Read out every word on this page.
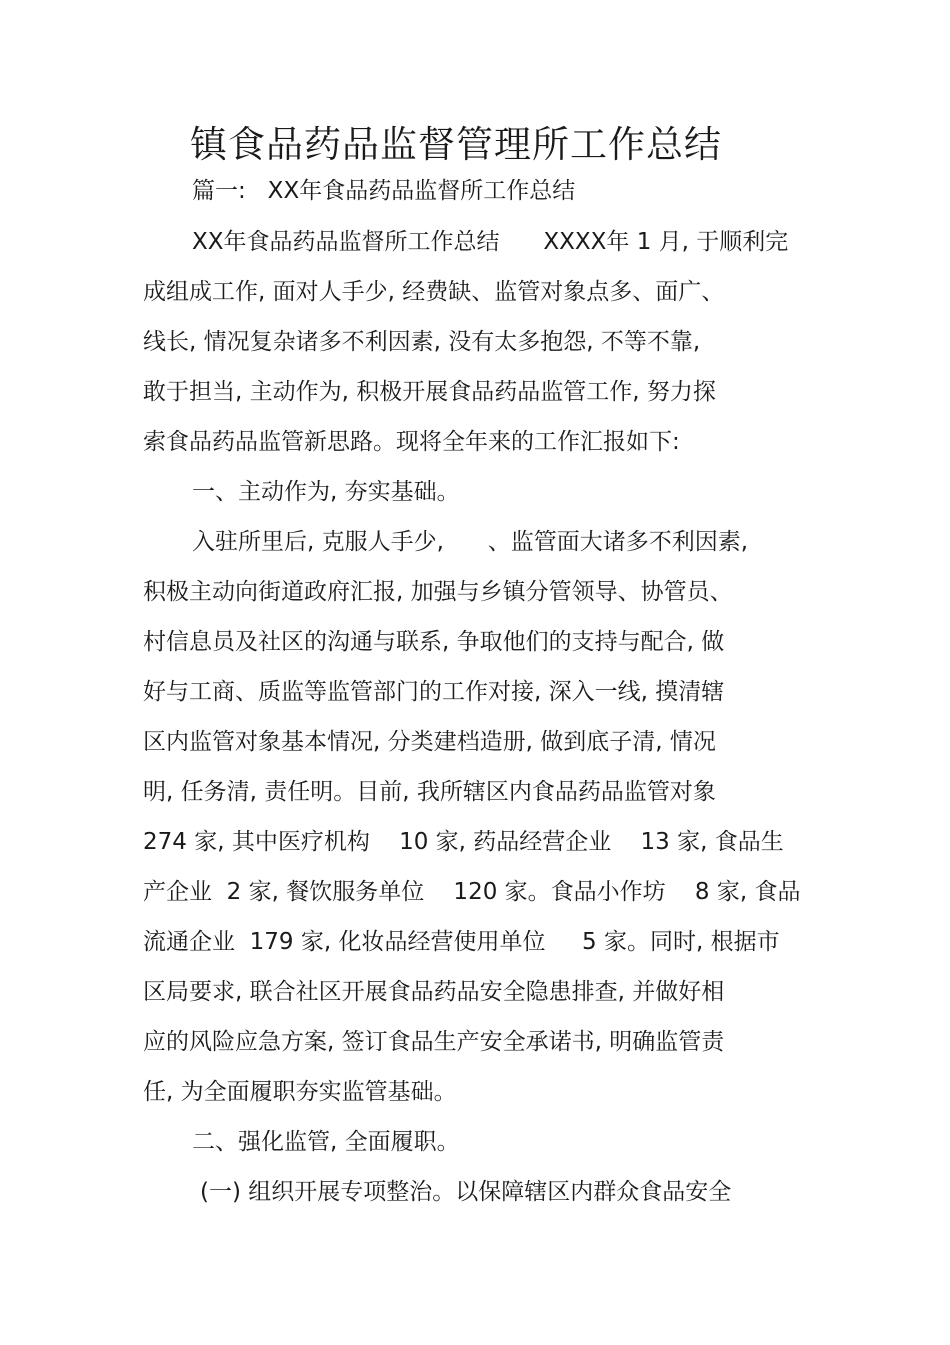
镇食品药品监督管理所工作总结
篇一:   XX年食品药品监督所工作总结
XX年食品药品监督所工作总结      XXXX年 1 月, 于顺利完
成组成工作, 面对人手少, 经费缺、监管对象点多、面广、
线长, 情况复杂诸多不利因素, 没有太多抱怨, 不等不靠,
敢于担当, 主动作为, 积极开展食品药品监管工作, 努力探
索食品药品监管新思路。现将全年来的工作汇报如下:
一、主动作为, 夯实基础。
入驻所里后, 克服人手少,      、监管面大诸多不利因素,
积极主动向街道政府汇报, 加强与乡镇分管领导、协管员、
村信息员及社区的沟通与联系, 争取他们的支持与配合, 做
好与工商、质监等监管部门的工作对接, 深入一线, 摸清辖
区内监管对象基本情况, 分类建档造册, 做到底子清, 情况
明, 任务清, 责任明。目前, 我所辖区内食品药品监管对象
274 家, 其中医疗机构    10 家, 药品经营企业    13 家, 食品生
产企业  2 家, 餐饮服务单位    120 家。食品小作坊    8 家, 食品
流通企业  179 家, 化妆品经营使用单位     5 家。同时, 根据市
区局要求, 联合社区开展食品药品安全隐患排查, 并做好相
应的风险应急方案, 签订食品生产安全承诺书, 明确监管责
任, 为全面履职夯实监管基础。
二、强化监管, 全面履职。
(一) 组织开展专项整治。以保障辖区内群众食品安全
